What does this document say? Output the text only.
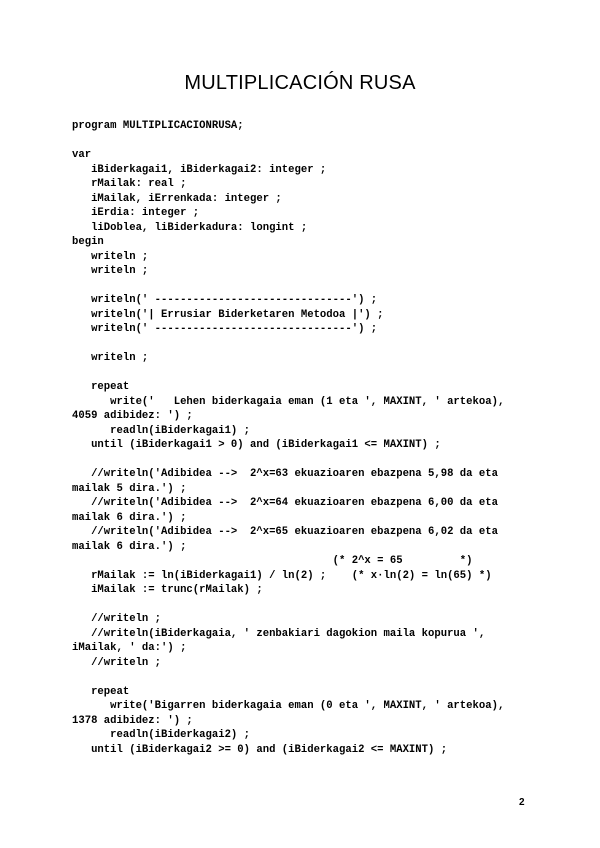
MULTIPLICACIÓN RUSA
program MULTIPLICACIONRUSA;
var
iBiderkagai1, iBiderkagai2: integer ;
rMailak: real ;
iMailak, iErrenkada: integer ;
iErdia: integer ;
liDoblea, liBiderkadura: longint ;
begin
writeln ;
writeln ;
writeln(' -------------------------------') ;
writeln('| Errusiar Biderketaren Metodoa |') ;
writeln(' -------------------------------') ;
writeln ;
repeat
write('   Lehen biderkagaia eman (1 eta ', MAXINT, ' artekoa),
4059 adibidez: ') ;
readln(iBiderkagai1) ;
until (iBiderkagai1 > 0) and (iBiderkagai1 <= MAXINT) ;
//writeln('Adibidea -->  2^x=63 ekuazioaren ebazpena 5,98 da eta
mailak 5 dira.') ;
//writeln('Adibidea -->  2^x=64 ekuazioaren ebazpena 6,00 da eta
mailak 6 dira.') ;
//writeln('Adibidea -->  2^x=65 ekuazioaren ebazpena 6,02 da eta
mailak 6 dira.') ;
(* 2^x = 65         *)
rMailak := ln(iBiderkagai1) / ln(2) ;    (* x·ln(2) = ln(65) *)
iMailak := trunc(rMailak) ;
//writeln ;
//writeln(iBiderkagaia, ' zenbakiari dagokion maila kopurua ',
iMailak, ' da:') ;
//writeln ;
repeat
write('Bigarren biderkagaia eman (0 eta ', MAXINT, ' artekoa),
1378 adibidez: ') ;
readln(iBiderkagai2) ;
until (iBiderkagai2 >= 0) and (iBiderkagai2 <= MAXINT) ;
2
